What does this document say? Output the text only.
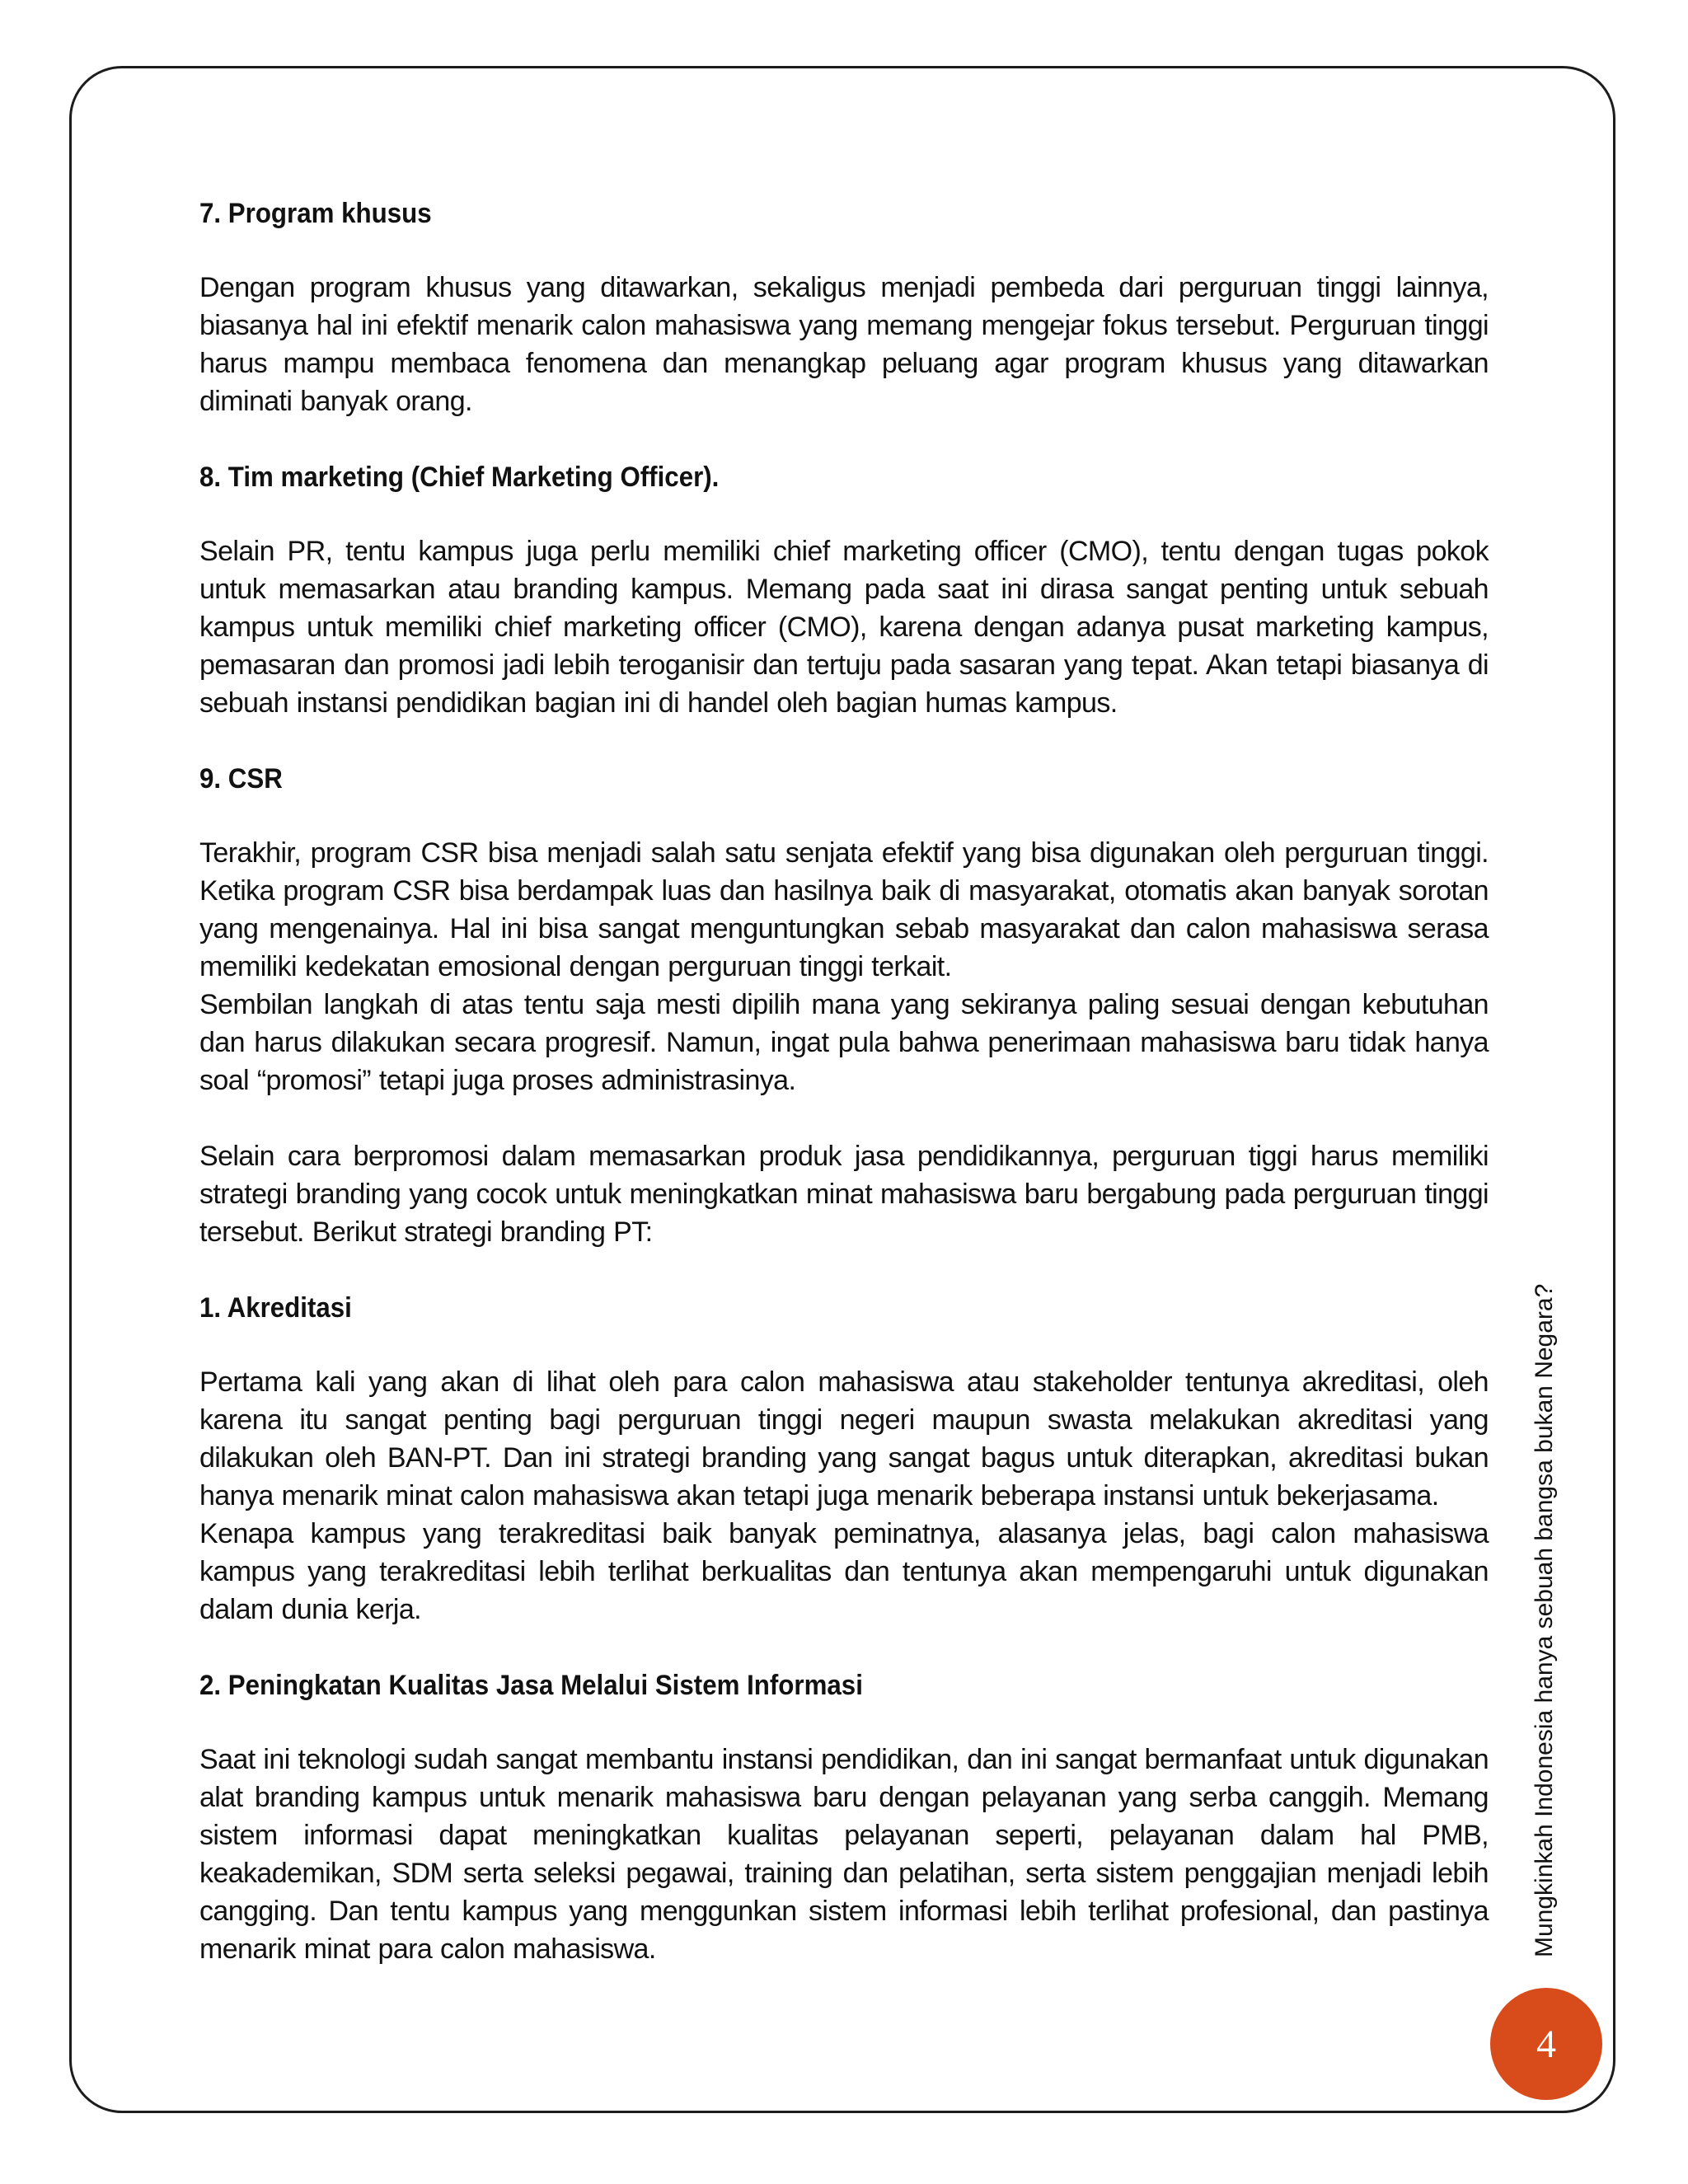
7. Program khusus

Dengan program khusus yang ditawarkan, sekaligus menjadi pembeda dari perguruan tinggi lainnya, biasanya hal ini efektif menarik calon mahasiswa yang memang mengejar fokus tersebut. Perguruan tinggi harus mampu membaca fenomena dan menangkap peluang agar program khusus yang ditawarkan diminati banyak orang.

8. Tim marketing (Chief Marketing Officer).

Selain PR, tentu kampus juga perlu memiliki chief marketing officer (CMO), tentu dengan tugas pokok untuk memasarkan atau branding kampus. Memang pada saat ini dirasa sangat penting untuk sebuah kampus untuk memiliki chief marketing officer (CMO), karena dengan adanya pusat marketing kampus, pemasaran dan promosi jadi lebih teroganisir dan tertuju pada sasaran yang tepat. Akan tetapi biasanya di sebuah instansi pendidikan bagian ini di handel oleh bagian humas kampus.

9. CSR

Terakhir, program CSR bisa menjadi salah satu senjata efektif yang bisa digunakan oleh perguruan tinggi. Ketika program CSR bisa berdampak luas dan hasilnya baik di masyarakat, otomatis akan banyak sorotan yang mengenainya. Hal ini bisa sangat menguntungkan sebab masyarakat dan calon mahasiswa serasa memiliki kedekatan emosional dengan perguruan tinggi terkait.

Sembilan langkah di atas tentu saja mesti dipilih mana yang sekiranya paling sesuai dengan kebutuhan dan harus dilakukan secara progresif. Namun, ingat pula bahwa penerimaan mahasiswa baru tidak hanya soal “promosi” tetapi juga proses administrasinya.

Selain cara berpromosi dalam memasarkan produk jasa pendidikannya, perguruan tiggi harus memiliki strategi branding yang cocok untuk meningkatkan minat mahasiswa baru bergabung pada perguruan tinggi tersebut. Berikut strategi branding PT:

1. Akreditasi

Pertama kali yang akan di lihat oleh para calon mahasiswa atau stakeholder tentunya akreditasi, oleh karena itu sangat penting bagi perguruan tinggi negeri maupun swasta melakukan akreditasi yang dilakukan oleh BAN-PT. Dan ini strategi branding yang sangat bagus untuk diterapkan, akreditasi bukan hanya menarik minat calon mahasiswa akan tetapi juga menarik beberapa instansi untuk bekerjasama.

Kenapa kampus yang terakreditasi baik banyak peminatnya, alasanya jelas, bagi calon mahasiswa kampus yang terakreditasi lebih terlihat berkualitas dan tentunya akan mempengaruhi untuk digunakan dalam dunia kerja.

2. Peningkatan Kualitas Jasa Melalui Sistem Informasi

Saat ini teknologi sudah sangat membantu instansi pendidikan, dan ini sangat bermanfaat untuk digunakan alat branding kampus untuk menarik mahasiswa baru dengan pelayanan yang serba canggih. Memang sistem informasi dapat meningkatkan kualitas pelayanan seperti, pelayanan dalam hal PMB, keakademikan, SDM serta seleksi pegawai, training dan pelatihan, serta sistem penggajian menjadi lebih cangging. Dan tentu kampus yang menggunkan sistem informasi lebih terlihat profesional, dan pastinya menarik minat para calon mahasiswa.	Mungkinkah Indonesia hanya sebuah bangsa bukan Negara?
4
